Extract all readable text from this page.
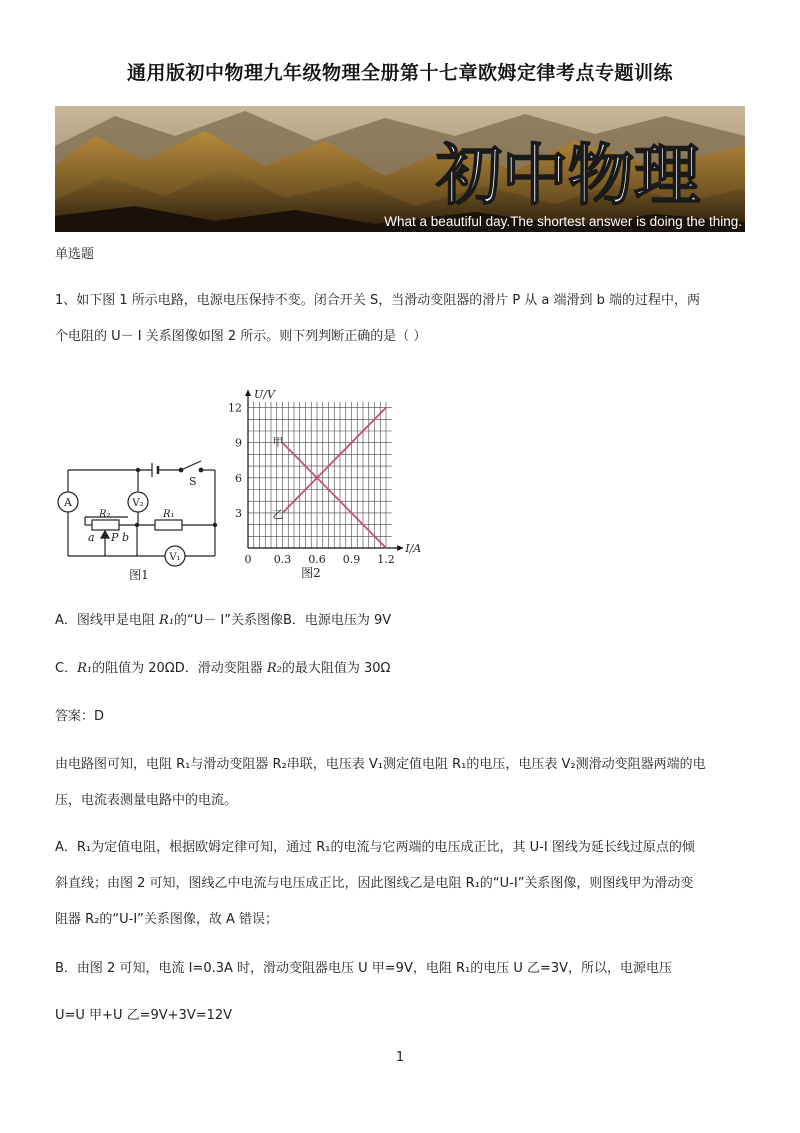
通用版初中物理九年级物理全册第十七章欧姆定律考点专题训练
初中物理
What a beautiful day.The shortest answer is doing the thing.
单选题
1、如下图 1 所示电路，电源电压保持不变。闭合开关 S，当滑动变阻器的滑片 P 从 a 端滑到 b 端的过程中，两
个电阻的 U－ I 关系图像如图 2 所示。则下列判断正确的是（ ）
A	V₂
V₁
S
R₂	R₁
a P b
图1
0 0.3 0.6 0.9 1.2
3
6
9
12
I/A
U/V
甲
乙
图2
A．图线甲是电阻 R₁的“U－ I”关系图像B．电源电压为 9V
C．R₁的阻值为 20ΩD．滑动变阻器 R₂的最大阻值为 30Ω
答案：D
由电路图可知，电阻 R₁与滑动变阻器 R₂串联，电压表 V₁测定值电阻 R₁的电压，电压表 V₂测滑动变阻器两端的电
压，电流表测量电路中的电流。
A．R₁为定值电阻，根据欧姆定律可知，通过 R₁的电流与它两端的电压成正比，其 U-I 图线为延长线过原点的倾
斜直线；由图 2 可知，图线乙中电流与电压成正比，因此图线乙是电阻 R₁的“U-I”关系图像，则图线甲为滑动变
阻器 R₂的“U-I”关系图像，故 A 错误；
B．由图 2 可知，电流 I=0.3A 时，滑动变阻器电压 U 甲=9V，电阻 R₁的电压 U 乙=3V，所以，电源电压
U=U 甲+U 乙=9V+3V=12V
1
